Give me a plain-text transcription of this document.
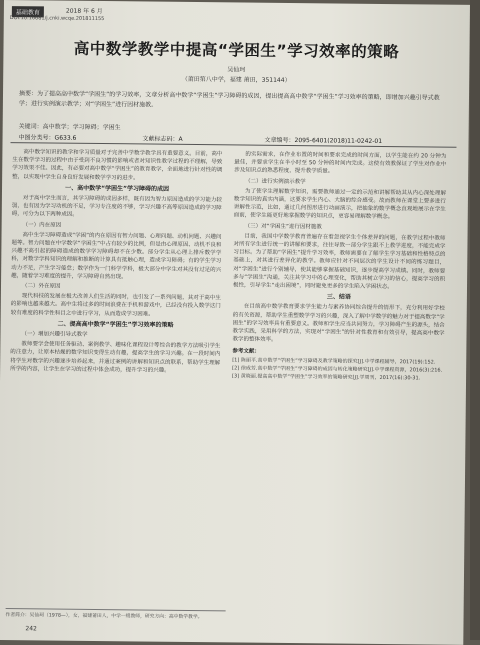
基础教育	2018 年 6 月
DOI:10.16681/j.cnki.wcqe.201811155
高中数学教学中提高“学困生”学习效率的策略
吴仙珂
（莆田第八中学，福建 莆田，351144）
摘要：为了提高高中数学“学困生”的学习效率，文章分析高中数学“学困生”学习障碍的成因，提出提高高中数学“学困生”学习效率的策略，即增加兴趣引导式教学；进行实例演示教学；对“学困生”进行因材施教。
关键词：高中数学；学习障碍；学困生
中图分类号：G633.6	文献标志码：A	文章编号：2095-6401(2018)11-0242-01

高中数学知识的教学和学习质量对于完善中学数学教学具有重要意义。目前，高中生在数学学习的过程中由于受到不良习惯的影响或者对知识性教学过程的不理解，导致学习效果不佳。因此，有必要对高中数学“学困生”的教育教学，全面地进行针对性的调整，以实现中学生自身良好发展和数学学习的进步。

一、高中数学“学困生”学习障碍的成因

对于高中学生而言，其学习障碍的成因多样，既有因为智力原因造成的学习能力较弱，也有因为学习动机的不足，学习专注度的不够，学习兴趣不高等原因造成的学习障碍，可分为以下两种成因。

（一）内在原因

高中生学习障碍造成“学困”的内在原因有智力问题、心理问题、动机问题、兴趣问题等。智力问题在中学数学“学困生”中占有较少的比例，但是由心理原因、动机不良和兴趣不高引起的障碍造成的数学学习障碍却不在少数。部分学生从心理上排斥数学学科，对数学学科知识的理解和推断的计算具有抵触心理，造成学习障碍；有的学生学习动力不足，产生学习倦怠；数学作为一门科学学科，极大部分中学生对其没有过足的兴趣，随着学习难度的提升，学习障碍自然出现。

（二）外在原因

现代科技的发展在极大改善人们生活的同时，也引发了一系列问题，其对于高中生的影响也越来越大。高中生将过多的时间浪费在手机和游戏中，已经没有投入数学这门较有难度的科学性科目之中进行学习，从而造成学习困难。

二、提高高中数学“学困生”学习效率的策略

（一）增加兴趣引导式教学

教师要学会使用任务驱动、案例教学、趣味化课程设计等综合的教学方法吸引学生的注意力，让原本枯燥的数学知识变得生动有趣，提高学生的学习兴趣。在一段时间内将学生对数学的兴趣逐步培养起来，并通过案例的讲解和知识点的联系，帮助学生理解所学的内容，让学生在学习的过程中体会成功，提升学习的兴趣。

的实际需求，在作业布置的时间和要求完成的时间方面，以学生能在约 20 分钟为最佳，并要求学生在半小时至 50 分钟的时间内完成。这使有效教保证了学生对作业中涉及知识点的熟悉程度，提升教学质量。

（二）进行实例演示教学

为了使学生理解数学知识，需要教师通过一定的示范和讲解帮助其从内心深处理解数学知识的真实内涵，这要求学生内心、大脑的综合感受。故而教师在课堂上要多进行讲解性示范，比如，通过几何图形进行动画演示，把抽象的数学概念直观地展示在学生面前，使学生能更好地掌握数学的知识点，更容易理解数学概念。

（三）对“学困生”进行因材施教

目前，我国中学数学教育普遍存在着忽视学生个体差异的问题，在教学过程中教师对所有学生进行统一的讲解和要求，往往导致一部分学生跟不上教学进度，不能完成学习目标。为了帮助“学困生”提升学习效率，教师需要在了解学生学习基础和性格特点的基础上，对其进行差异化的教学。教师应针对不同层次的学生设计不同的练习题目，对“学困生”进行个别辅导，使其能够掌握基础知识，逐步提高学习成绩。同时，教师要多与“学困生”沟通，关注其学习中的心理变化，帮助其树立学习的信心，提高学习的积极性，引导学生“走出困境”，同时避免更多的学生陷入学困状态。

三、结语

在目前高中数学教育要求学生能力与素养协同综合提升的情形下，充分利用好学校的有关资源，帮助学生重塑数学学习的兴趣，深入了解中学数学的魅力对于提高数学“学困生”的学习效率具有重要意义。教师和学生应当共同努力，学习障碍产生的源头，结合教学实践，采用科学的方法，实现对“学困生”的针对性教育和有效引导，提高高中数学教学的整体效率。

参考文献：

[1] 陈丽平.高中数学“学困生”学习障碍及教学策略的探究[J].中学课程辅导，2017(19):152.

[2] 徐成芳.高中数学“学困生”学习障碍的成因与转化策略研究[J].中学课程资源，2016(3):216.

[3] 黄晓丽.提高高中数学“学困生”学习效率的策略研究[J].学周刊，2017(16):30-31.

作者简介：吴仙珂（1978—），女，福建莆田人，中学一级教师，研究方向：高中数学教学。
242
